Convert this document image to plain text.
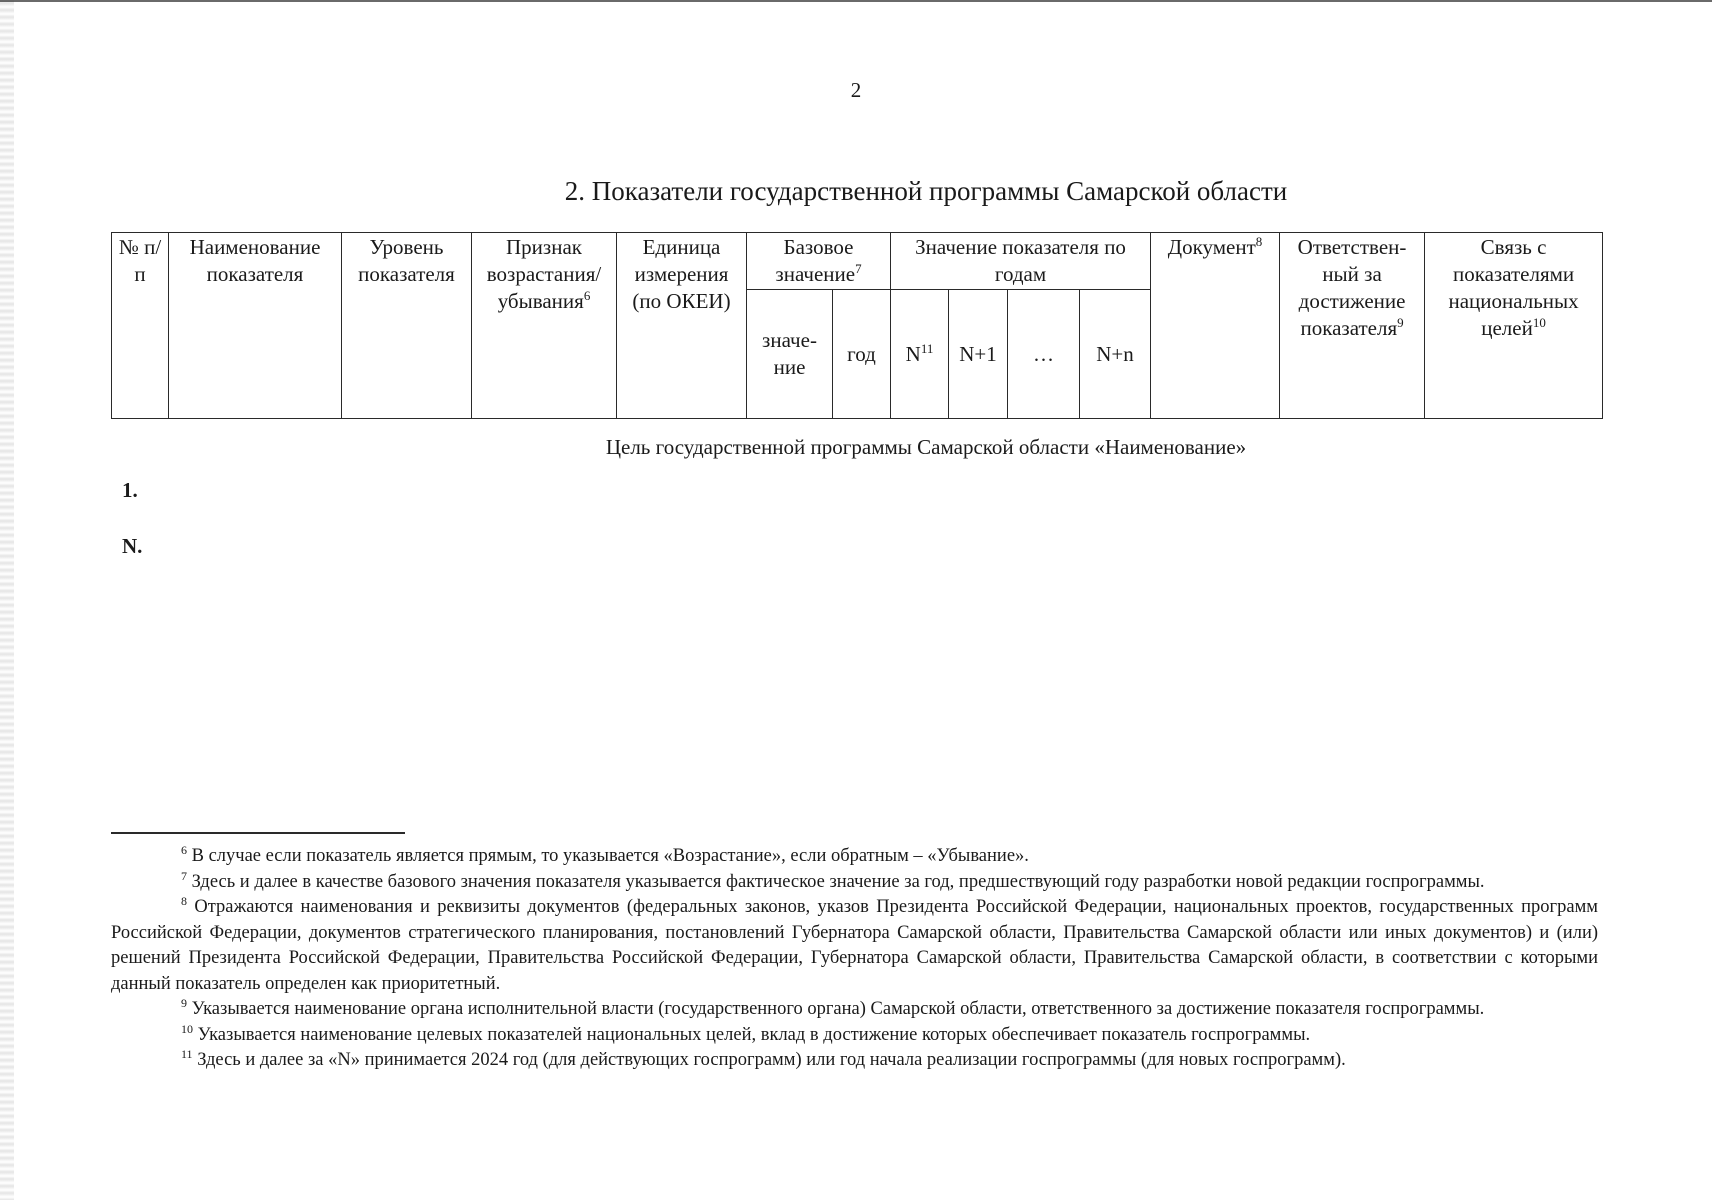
2
2. Показатели государственной программы Самарской области
№ п/п	Наименование показателя	Уровень показателя	Признак возрастания/ убывания$^6$	Единица измерения (по ОКЕИ)	Базовое значение$^7$		Значение показателя по годам				Документ$^8$	Ответствен- ный за достижение показателя$^9$	Связь с показателями национальных целей$^{10}$
					значе- ние	год	$N^{11}$	N+1	…	N+n			
Цель государственной программы Самарской области «Наименование»
1.
N.

$^6$ В случае если показатель является прямым, то указывается «Возрастание», если обратным – «Убывание».

$^7$ Здесь и далее в качестве базового значения показателя указывается фактическое значение за год, предшествующий году разработки новой редакции госпрограммы.

$^8$ Отражаются наименования и реквизиты документов (федеральных законов, указов Президента Российской Федерации, национальных проектов, государственных программ Российской Федерации, документов стратегического планирования, постановлений Губернатора Самарской области, Правительства Самарской области или иных документов) и (или) решений Президента Российской Федерации, Правительства Российской Федерации, Губернатора Самарской области, Правительства Самарской области, в соответствии с которыми данный показатель определен как приоритетный.

$^9$ Указывается наименование органа исполнительной власти (государственного органа) Самарской области, ответственного за достижение показателя госпрограммы.

$^{10}$ Указывается наименование целевых показателей национальных целей, вклад в достижение которых обеспечивает показатель госпрограммы.

$^{11}$ Здесь и далее за «N» принимается 2024 год (для действующих госпрограмм) или год начала реализации госпрограммы (для новых госпрограмм).
